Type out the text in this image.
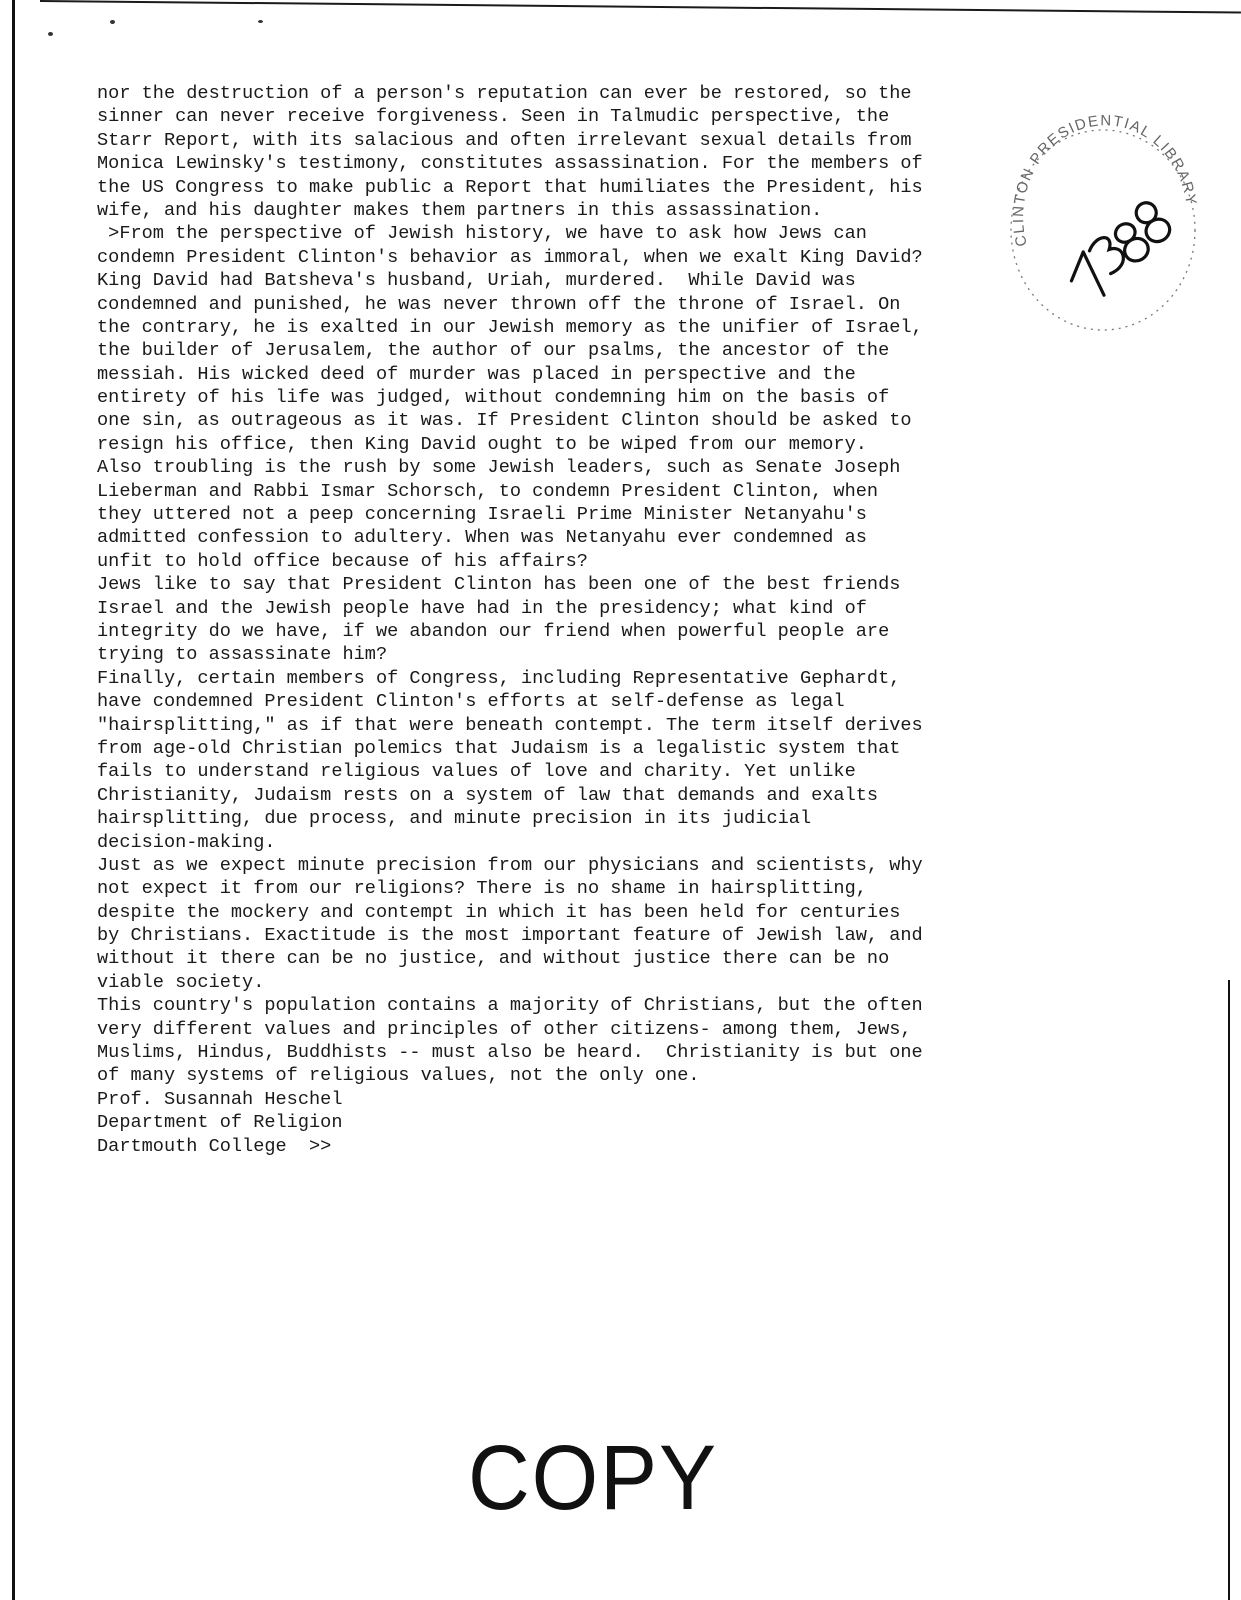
nor the destruction of a person's reputation can ever be restored, so the
sinner can never receive forgiveness. Seen in Talmudic perspective, the
Starr Report, with its salacious and often irrelevant sexual details from
Monica Lewinsky's testimony, constitutes assassination. For the members of
the US Congress to make public a Report that humiliates the President, his
wife, and his daughter makes them partners in this assassination.
>From the perspective of Jewish history, we have to ask how Jews can
condemn President Clinton's behavior as immoral, when we exalt King David?
King David had Batsheva's husband, Uriah, murdered.  While David was
condemned and punished, he was never thrown off the throne of Israel. On
the contrary, he is exalted in our Jewish memory as the unifier of Israel,
the builder of Jerusalem, the author of our psalms, the ancestor of the
messiah. His wicked deed of murder was placed in perspective and the
entirety of his life was judged, without condemning him on the basis of
one sin, as outrageous as it was. If President Clinton should be asked to
resign his office, then King David ought to be wiped from our memory.
Also troubling is the rush by some Jewish leaders, such as Senate Joseph
Lieberman and Rabbi Ismar Schorsch, to condemn President Clinton, when
they uttered not a peep concerning Israeli Prime Minister Netanyahu's
admitted confession to adultery. When was Netanyahu ever condemned as
unfit to hold office because of his affairs?
Jews like to say that President Clinton has been one of the best friends
Israel and the Jewish people have had in the presidency; what kind of
integrity do we have, if we abandon our friend when powerful people are
trying to assassinate him?
Finally, certain members of Congress, including Representative Gephardt,
have condemned President Clinton's efforts at self-defense as legal
"hairsplitting," as if that were beneath contempt. The term itself derives
from age-old Christian polemics that Judaism is a legalistic system that
fails to understand religious values of love and charity. Yet unlike
Christianity, Judaism rests on a system of law that demands and exalts
hairsplitting, due process, and minute precision in its judicial
decision-making.
Just as we expect minute precision from our physicians and scientists, why
not expect it from our religions? There is no shame in hairsplitting,
despite the mockery and contempt in which it has been held for centuries
by Christians. Exactitude is the most important feature of Jewish law, and
without it there can be no justice, and without justice there can be no
viable society.
This country's population contains a majority of Christians, but the often
very different values and principles of other citizens- among them, Jews,
Muslims, Hindus, Buddhists -- must also be heard.  Christianity is but one
of many systems of religious values, not the only one.
Prof. Susannah Heschel
Department of Religion
Dartmouth College  >>
CLINTON PRESIDENTIAL LIBRARY
COPY
